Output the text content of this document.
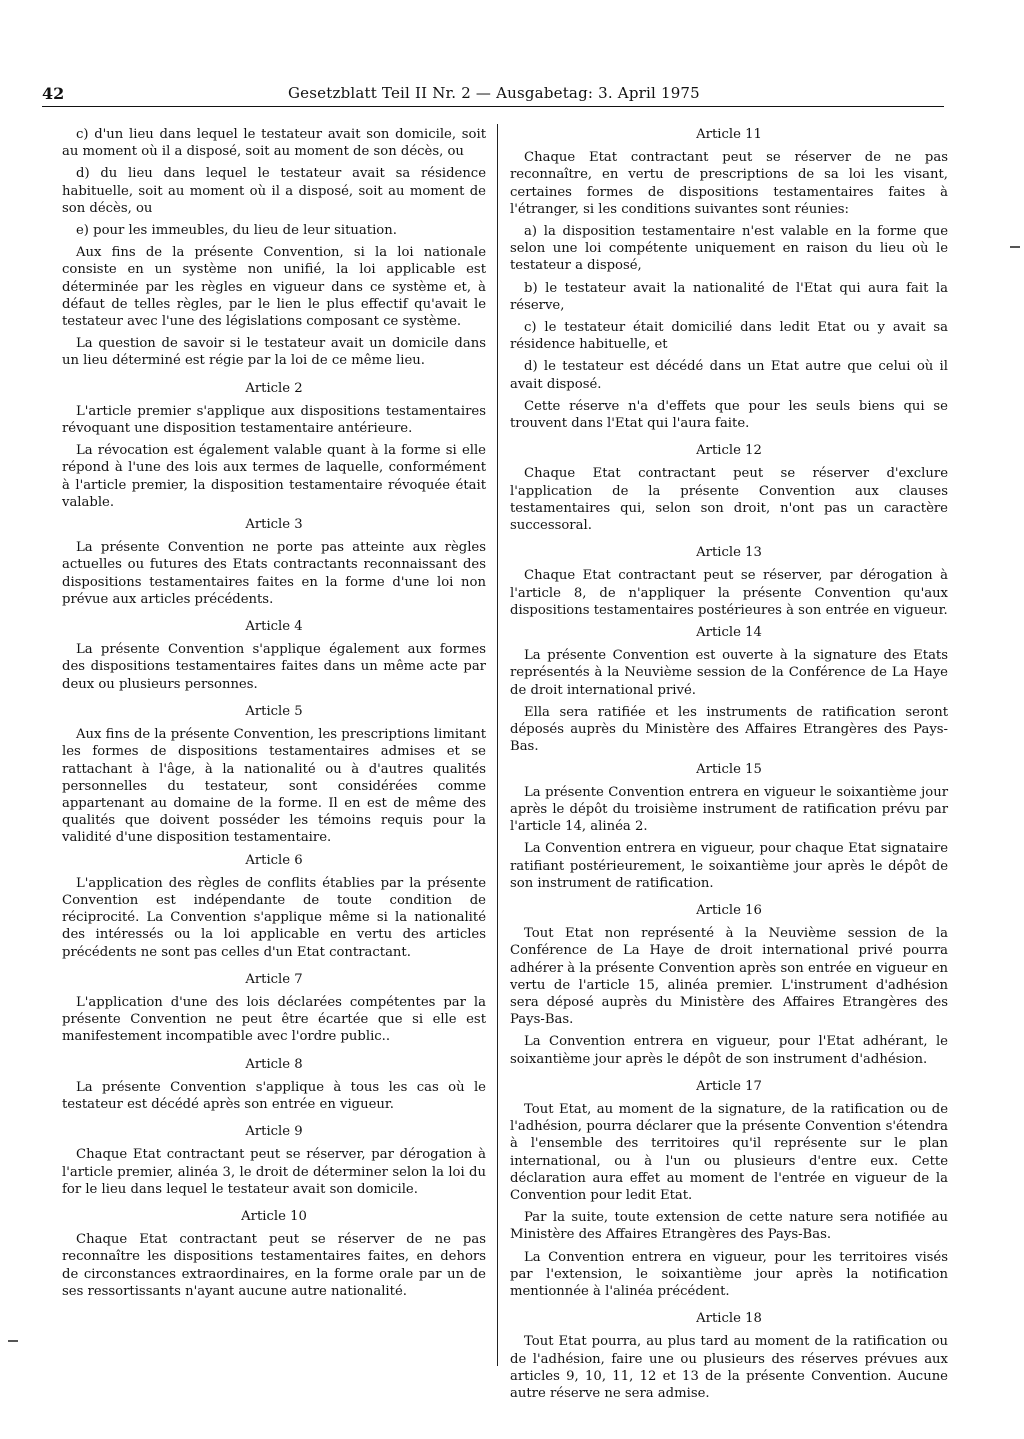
42	Gesetzblatt Teil II Nr. 2 — Ausgabetag: 3. April 1975

c) d'un lieu dans lequel le testateur avait son domicile, soit au moment où il a disposé, soit au moment de son décès, ou

d) du lieu dans lequel le testateur avait sa résidence habituelle, soit au moment où il a disposé, soit au moment de son décès, ou

e) pour les immeubles, du lieu de leur situation.

Aux fins de la présente Convention, si la loi nationale consiste en un système non unifié, la loi applicable est déterminée par les règles en vigueur dans ce système et, à défaut de telles règles, par le lien le plus effectif qu'avait le testateur avec l'une des législations composant ce système.

La question de savoir si le testateur avait un domicile dans un lieu déterminé est régie par la loi de ce même lieu.

Article 2

L'article premier s'applique aux dispositions testamentaires révoquant une disposition testamentaire antérieure.

La révocation est également valable quant à la forme si elle répond à l'une des lois aux termes de laquelle, conformément à l'article premier, la disposition testamentaire révoquée était valable.

Article 3

La présente Convention ne porte pas atteinte aux règles actuelles ou futures des Etats contractants reconnaissant des dispositions testamentaires faites en la forme d'une loi non prévue aux articles précédents.

Article 4

La présente Convention s'applique également aux formes des dispositions testamentaires faites dans un même acte par deux ou plusieurs personnes.

Article 5

Aux fins de la présente Convention, les prescriptions limitant les formes de dispositions testamentaires admises et se rattachant à l'âge, à la nationalité ou à d'autres qualités personnelles du testateur, sont considérées comme appartenant au domaine de la forme. Il en est de même des qualités que doivent posséder les témoins requis pour la validité d'une disposition testamentaire.

Article 6

L'application des règles de conflits établies par la présente Convention est indépendante de toute condition de réciprocité. La Convention s'applique même si la nationalité des intéressés ou la loi applicable en vertu des articles précédents ne sont pas celles d'un Etat contractant.

Article 7

L'application d'une des lois déclarées compétentes par la présente Convention ne peut être écartée que si elle est manifestement incompatible avec l'ordre public..

Article 8

La présente Convention s'applique à tous les cas où le testateur est décédé après son entrée en vigueur.

Article 9

Chaque Etat contractant peut se réserver, par dérogation à l'article premier, alinéa 3, le droit de déterminer selon la loi du for le lieu dans lequel le testateur avait son domicile.

Article 10

Chaque Etat contractant peut se réserver de ne pas reconnaître les dispositions testamentaires faites, en dehors de circonstances extraordinaires, en la forme orale par un de ses ressortissants n'ayant aucune autre nationalité.

Article 11

Chaque Etat contractant peut se réserver de ne pas reconnaître, en vertu de prescriptions de sa loi les visant, certaines formes de dispositions testamentaires faites à l'étranger, si les conditions suivantes sont réunies:

a) la disposition testamentaire n'est valable en la forme que selon une loi compétente uniquement en raison du lieu où le testateur a disposé,

b) le testateur avait la nationalité de l'Etat qui aura fait la réserve,

c) le testateur était domicilié dans ledit Etat ou y avait sa résidence habituelle, et

d) le testateur est décédé dans un Etat autre que celui où il avait disposé.

Cette réserve n'a d'effets que pour les seuls biens qui se trouvent dans l'Etat qui l'aura faite.

Article 12

Chaque Etat contractant peut se réserver d'exclure l'application de la présente Convention aux clauses testamentaires qui, selon son droit, n'ont pas un caractère successoral.

Article 13

Chaque Etat contractant peut se réserver, par dérogation à l'article 8, de n'appliquer la présente Convention qu'aux dispositions testamentaires postérieures à son entrée en vigueur.

Article 14

La présente Convention est ouverte à la signature des Etats représentés à la Neuvième session de la Conférence de La Haye de droit international privé.

Ella sera ratifiée et les instruments de ratification seront déposés auprès du Ministère des Affaires Etrangères des Pays-Bas.

Article 15

La présente Convention entrera en vigueur le soixantième jour après le dépôt du troisième instrument de ratification prévu par l'article 14, alinéa 2.

La Convention entrera en vigueur, pour chaque Etat signataire ratifiant postérieurement, le soixantième jour après le dépôt de son instrument de ratification.

Article 16

Tout Etat non représenté à la Neuvième session de la Conférence de La Haye de droit international privé pourra adhérer à la présente Convention après son entrée en vigueur en vertu de l'article 15, alinéa premier. L'instrument d'adhésion sera déposé auprès du Ministère des Affaires Etrangères des Pays-Bas.

La Convention entrera en vigueur, pour l'Etat adhérant, le soixantième jour après le dépôt de son instrument d'adhésion.

Article 17

Tout Etat, au moment de la signature, de la ratification ou de l'adhésion, pourra déclarer que la présente Convention s'étendra à l'ensemble des territoires qu'il représente sur le plan international, ou à l'un ou plusieurs d'entre eux. Cette déclaration aura effet au moment de l'entrée en vigueur de la Convention pour ledit Etat.

Par la suite, toute extension de cette nature sera notifiée au Ministère des Affaires Etrangères des Pays-Bas.

La Convention entrera en vigueur, pour les territoires visés par l'extension, le soixantième jour après la notification mentionnée à l'alinéa précédent.

Article 18

Tout Etat pourra, au plus tard au moment de la ratification ou de l'adhésion, faire une ou plusieurs des réserves prévues aux articles 9, 10, 11, 12 et 13 de la présente Convention. Aucune autre réserve ne sera admise.
